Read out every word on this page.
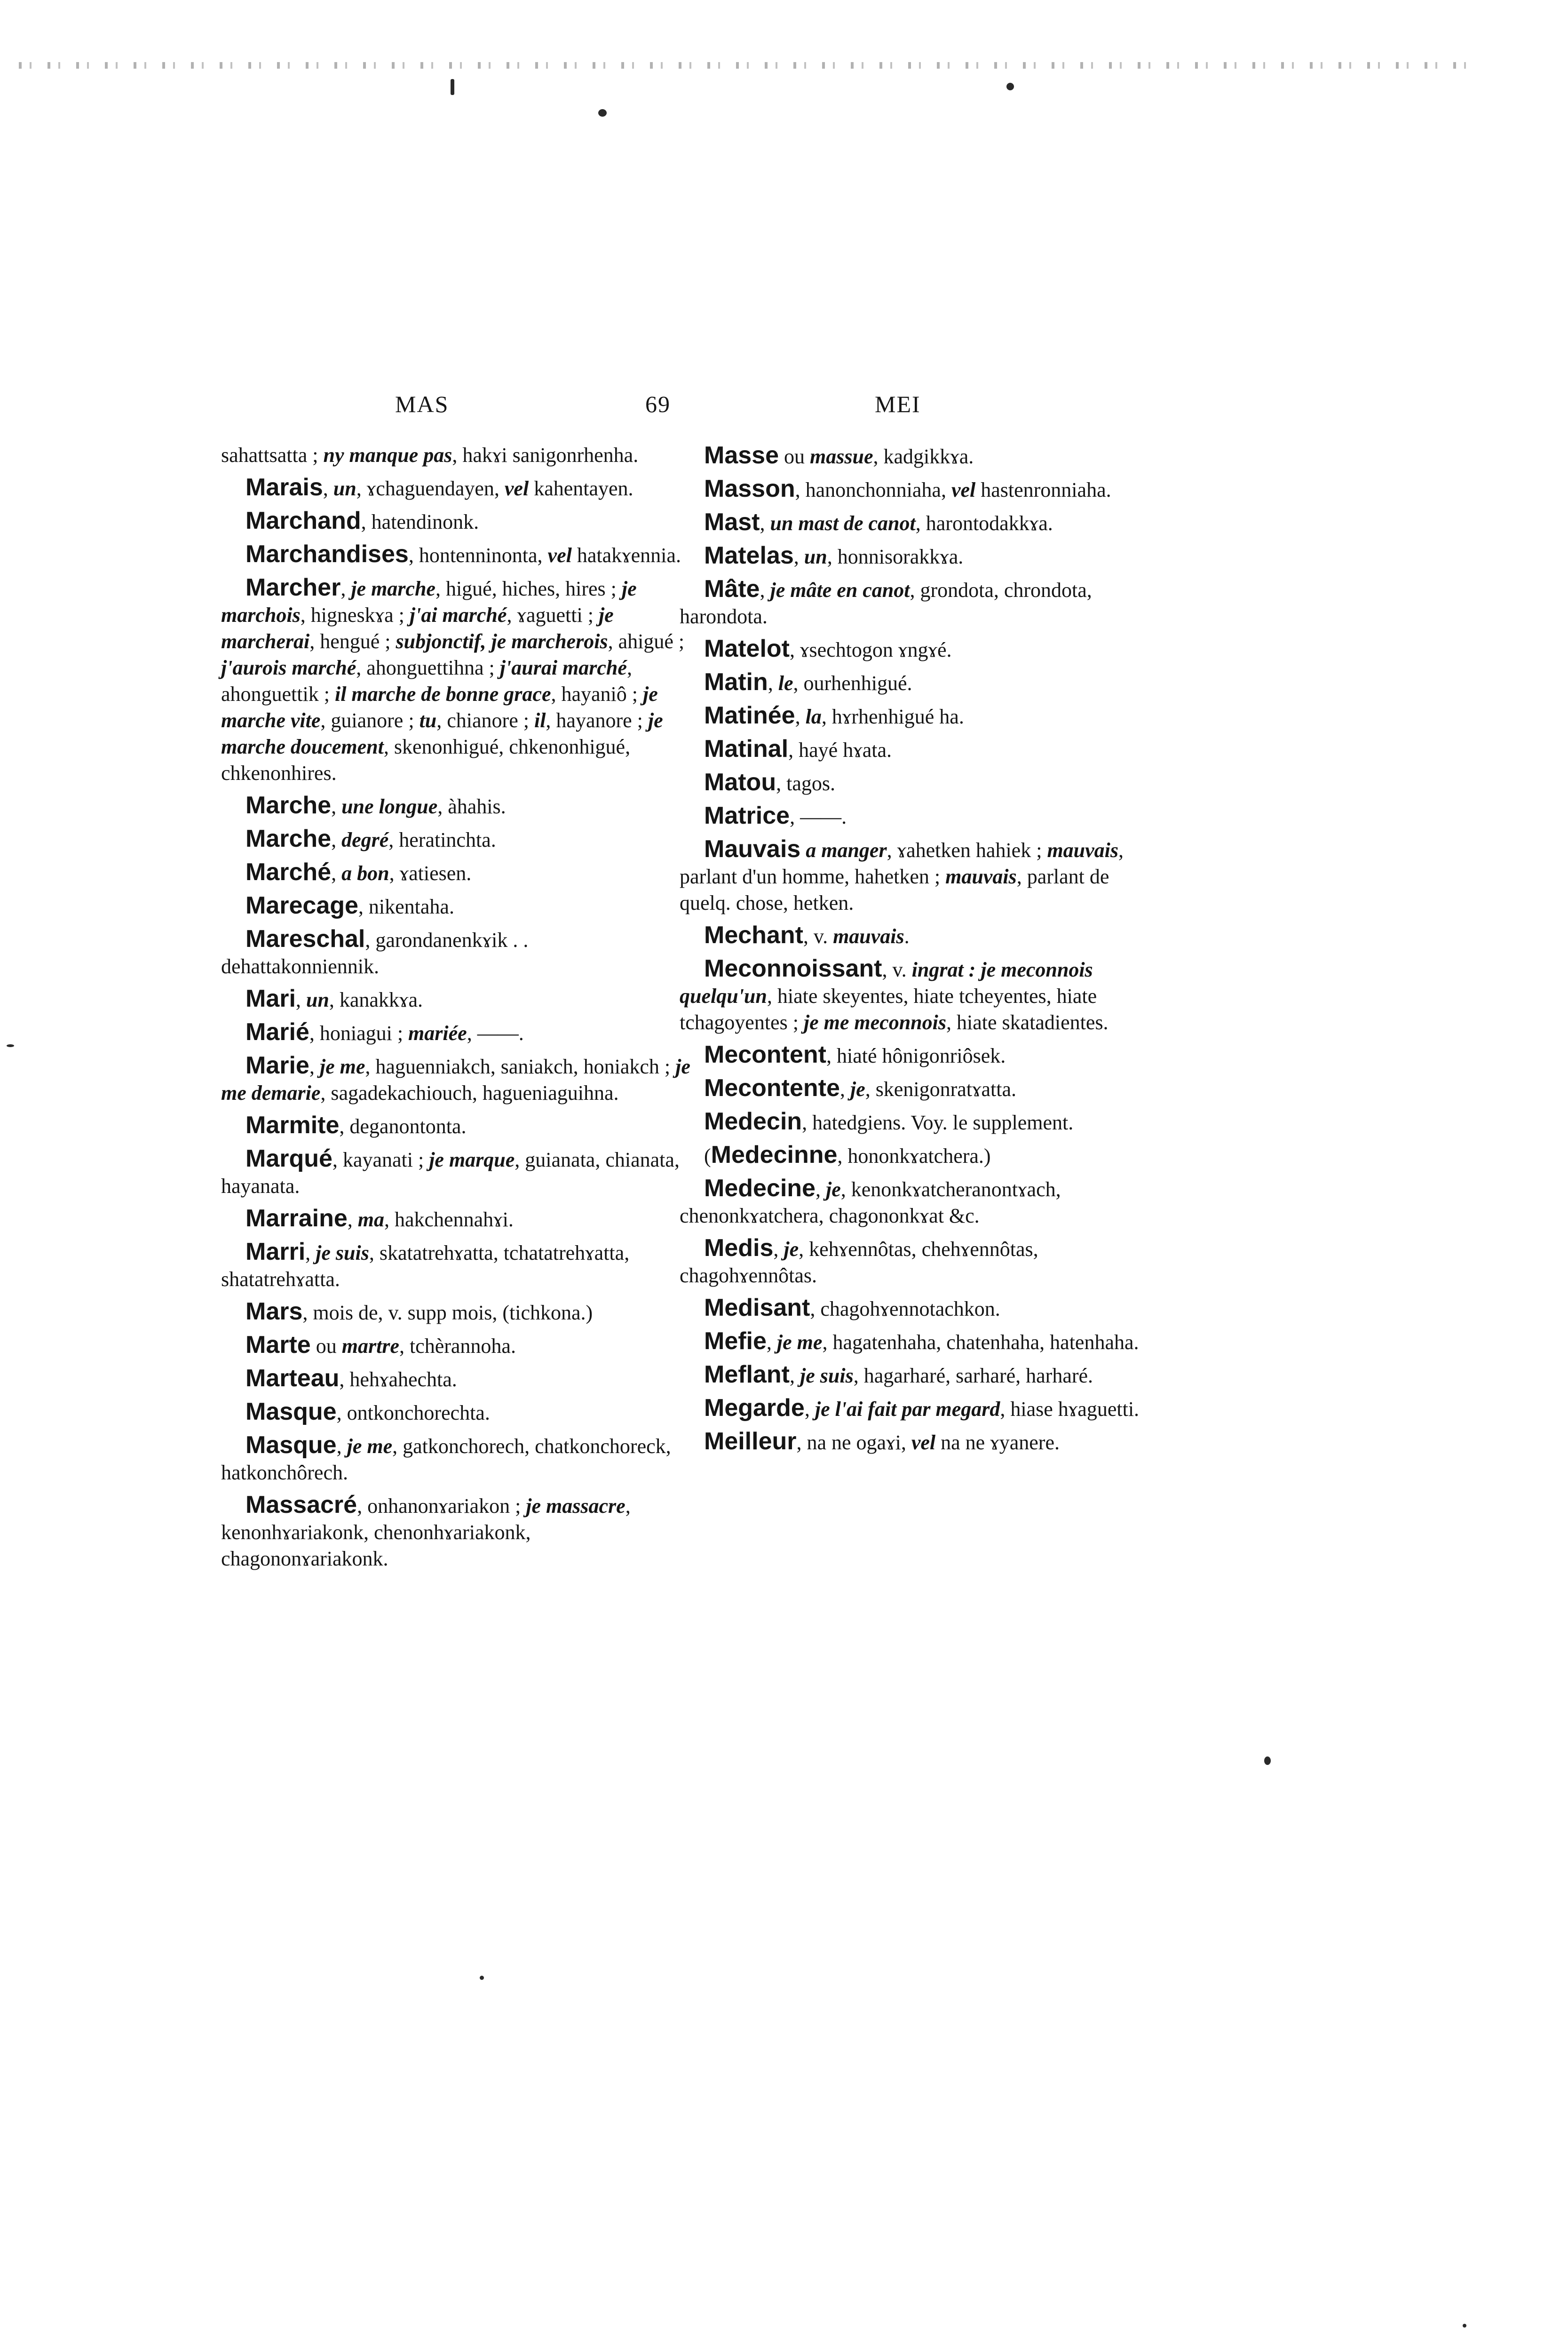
MAS	69	MEI

sahattsatta ; ny manque pas, hakɤi sanigonrhenha.

Marais, un, ɤchaguendayen, vel kahentayen.

Marchand, hatendinonk.

Marchandises, hontenninonta, vel hatakɤennia.

Marcher, je marche, higué, hiches, hires ; je marchois, higneskɤa ; j'ai marché, ɤaguetti ; je marcherai, hengué ; subjonctif, je marcherois, ahigué ; j'aurois marché, ahonguettihna ; j'aurai marché, ahonguettik ; il marche de bonne grace, hayaniô ; je marche vite, guianore ; tu, chianore ; il, hayanore ; je marche doucement, skenonhigué, chkenonhigué, chkenonhires.

Marche, une longue, àhahis.

Marche, degré, heratinchta.

Marché, a bon, ɤatiesen.

Marecage, nikentaha.

Mareschal, garondanenkɤik . . dehattakonniennik.

Mari, un, kanakkɤa.

Marié, honiagui ; mariée, ——.

Marie, je me, haguenniakch, saniakch, honiakch ; je me demarie, sagadekachiouch, hagueniaguihna.

Marmite, deganontonta.

Marqué, kayanati ; je marque, guianata, chianata, hayanata.

Marraine, ma, hakchennahɤi.

Marri, je suis, skatatrehɤatta, tchatatrehɤatta, shatatrehɤatta.

Mars, mois de, v. supp mois, (tichkona.)

Marte ou martre, tchèrannoha.

Marteau, hehɤahechta.

Masque, ontkonchorechta.

Masque, je me, gatkonchorech, chatkonchoreck, hatkonchôrech.

Massacré, onhanonɤariakon ; je massacre, kenonhɤariakonk, chenonhɤariakonk, chagononɤariakonk.

Masse ou massue, kadgikkɤa.

Masson, hanonchonniaha, vel hastenronniaha.

Mast, un mast de canot, harontodakkɤa.

Matelas, un, honnisorakkɤa.

Mâte, je mâte en canot, grondota, chrondota, harondota.

Matelot, ɤsechtogon ɤngɤé.

Matin, le, ourhenhigué.

Matinée, la, hɤrhenhigué ha.

Matinal, hayé hɤata.

Matou, tagos.

Matrice, ——.

Mauvais a manger, ɤahetken hahiek ; mauvais, parlant d'un homme, hahetken ; mauvais, parlant de quelq. chose, hetken.

Mechant, v. mauvais.

Meconnoissant, v. ingrat : je meconnois quelqu'un, hiate skeyentes, hiate tcheyentes, hiate tchagoyentes ; je me meconnois, hiate skatadientes.

Mecontent, hiaté hônigonriôsek.

Mecontente, je, skenigonratɤatta.

Medecin, hatedgiens. Voy. le supplement.

(Medecinne, hononkɤatchera.)

Medecine, je, kenonkɤatcheranontɤach, chenonkɤatchera, chagononkɤat &c.

Medis, je, kehɤennôtas, chehɤennôtas, chagohɤennôtas.

Medisant, chagohɤennotachkon.

Mefie, je me, hagatenhaha, chatenhaha, hatenhaha.

Meflant, je suis, hagarharé, sarharé, harharé.

Megarde, je l'ai fait par megard, hiase hɤaguetti.

Meilleur, na ne ogaɤi, vel na ne ɤyanere.
